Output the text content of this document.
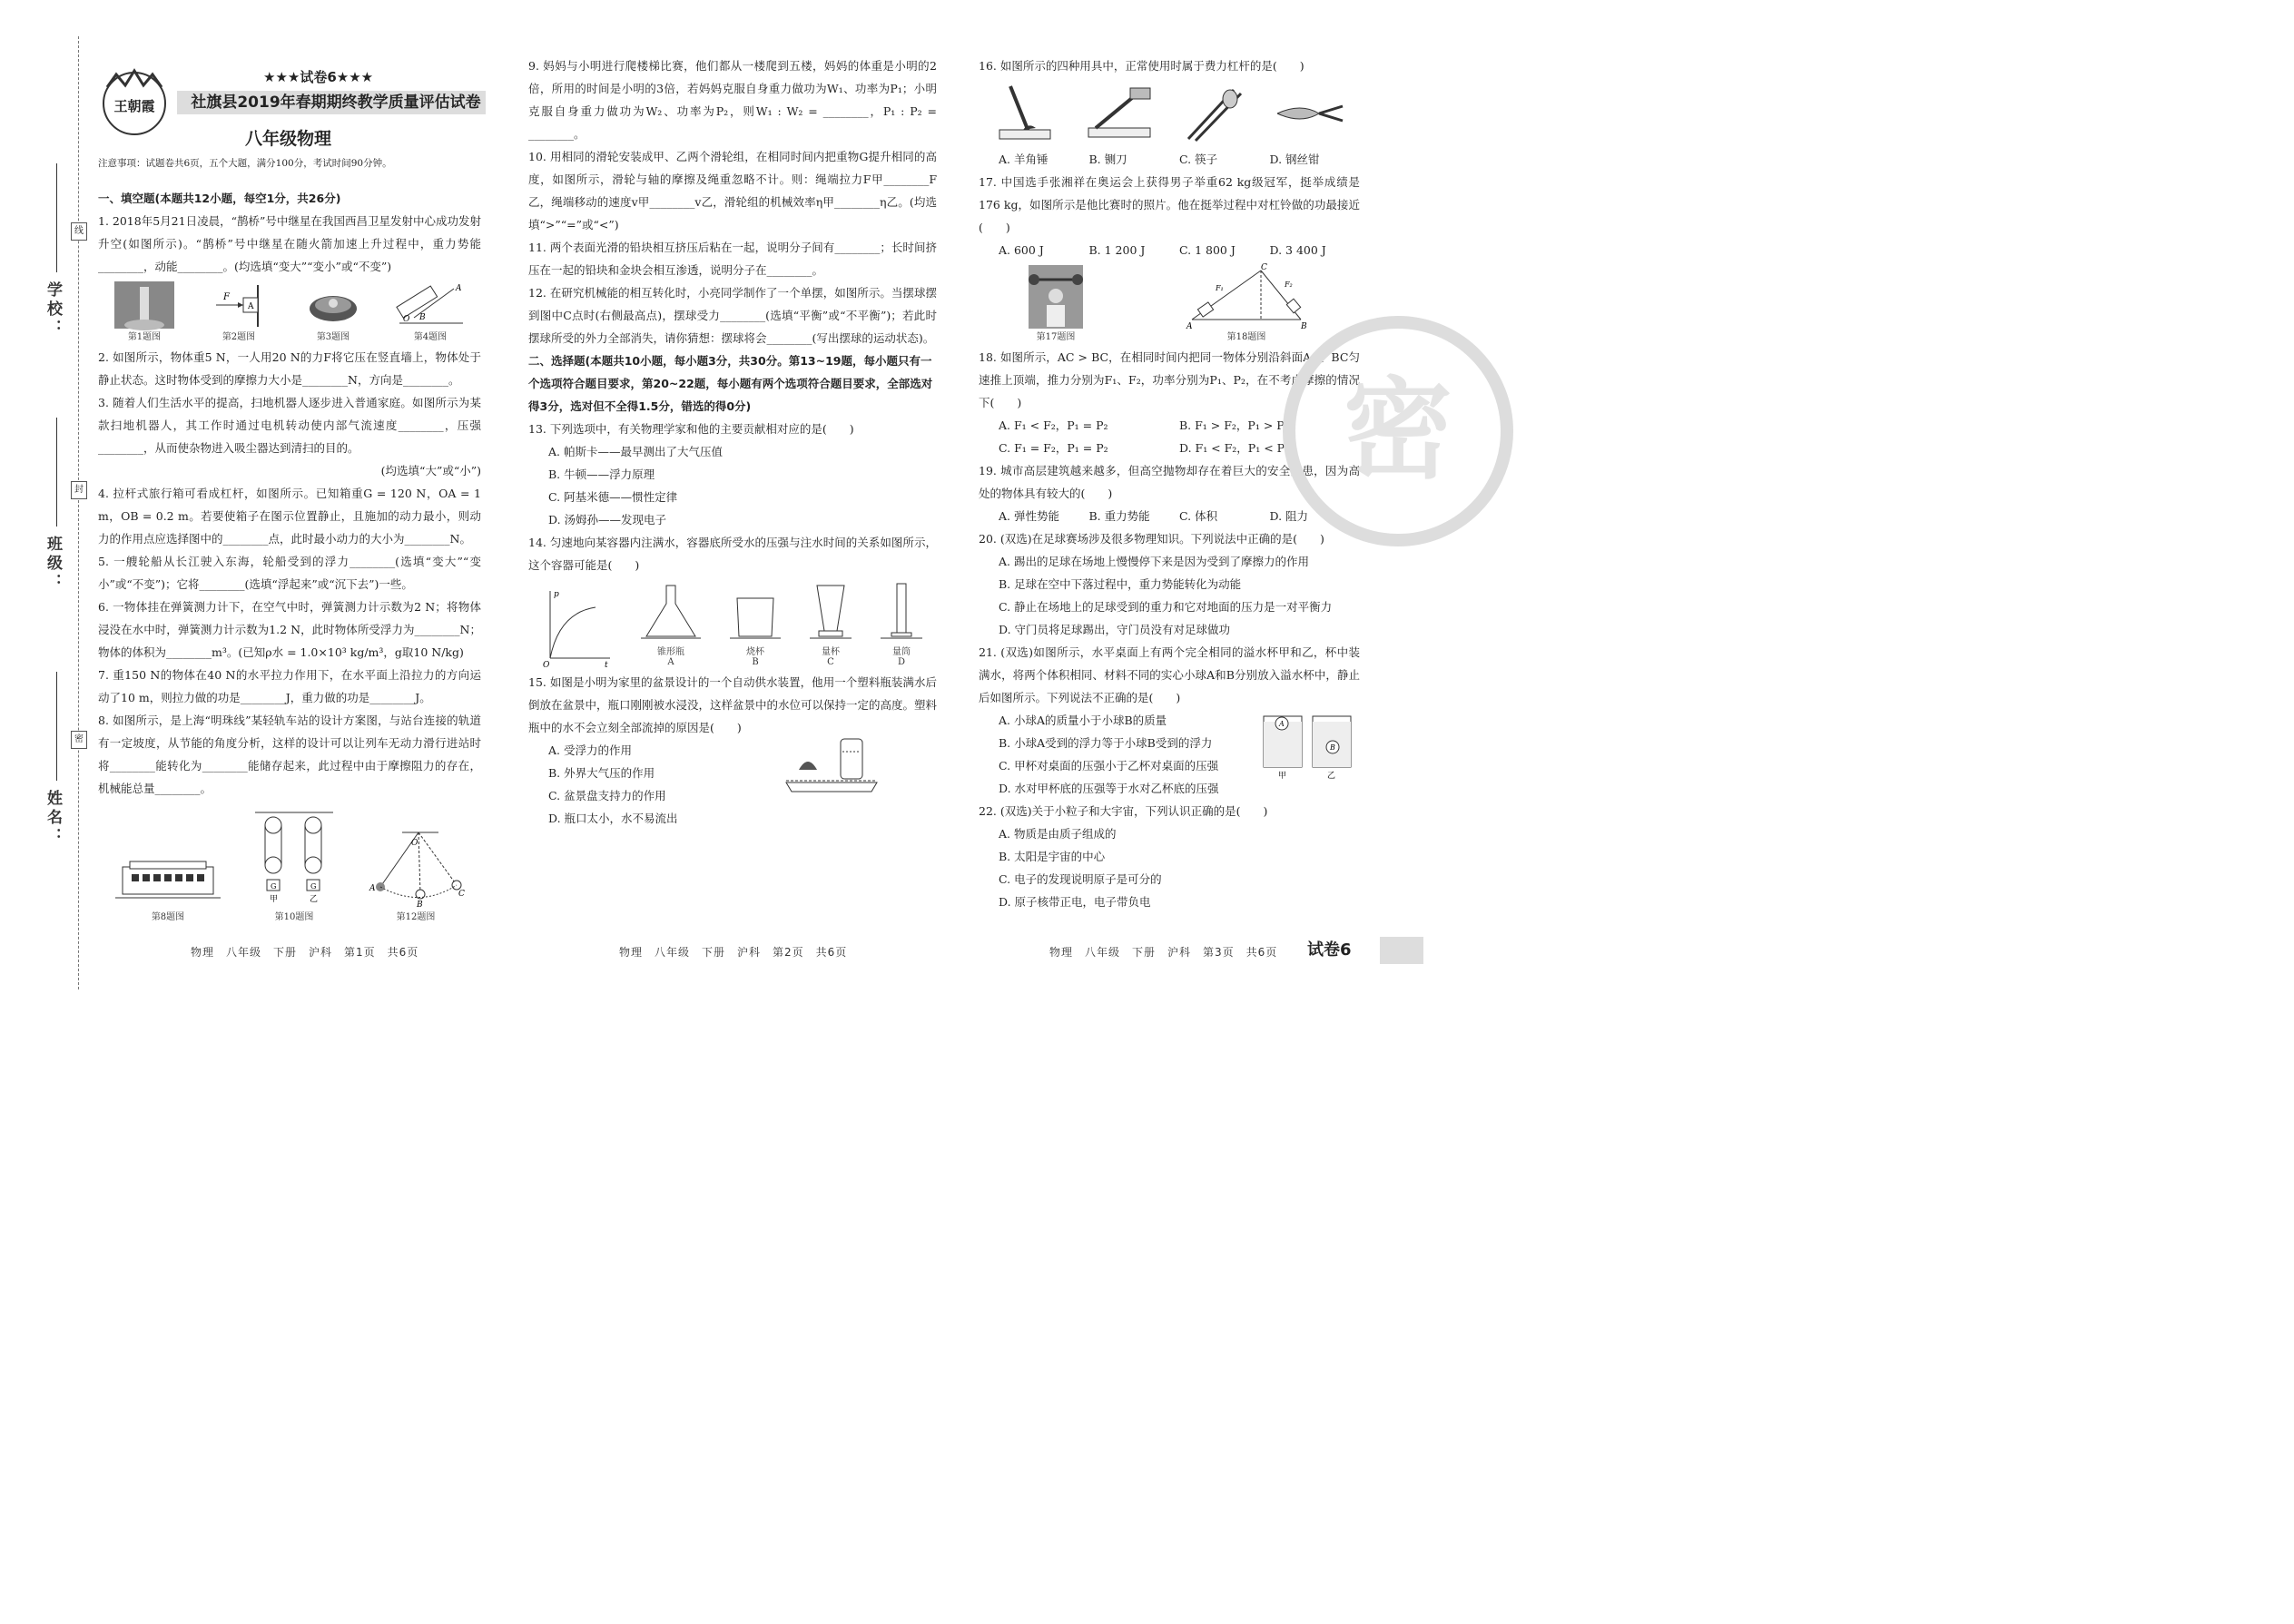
线
封
密
学校：
班级：
姓名：
王朝霞
★★★试卷6★★★
社旗县2019年春期期终教学质量评估试卷
八年级物理
注意事项：试题卷共6页，五个大题，满分100分，考试时间90分钟。
一、填空题(本题共12小题，每空1分，共26分)
1. 2018年5月21日凌晨，“鹊桥”号中继星在我国西昌卫星发射中心成功发射升空(如图所示)。“鹊桥”号中继星在随火箭加速上升过程中，重力势能________，动能________。(均选填“变大”“变小”或“不变”)
第1题图
F
A
第2题图	第3题图
A
O B
第4题图
2. 如图所示，物体重5 N，一人用20 N的力F将它压在竖直墙上，物体处于静止状态。这时物体受到的摩擦力大小是________N，方向是________。
3. 随着人们生活水平的提高，扫地机器人逐步进入普通家庭。如图所示为某款扫地机器人，其工作时通过电机转动使内部气流速度________，压强________，从而使杂物进入吸尘器达到清扫的目的。
(均选填“大”或“小”)
4. 拉杆式旅行箱可看成杠杆，如图所示。已知箱重G = 120 N，OA = 1 m，OB = 0.2 m。若要使箱子在图示位置静止，且施加的动力最小，则动力的作用点应选择图中的________点，此时最小动力的大小为________N。
5. 一艘轮船从长江驶入东海，轮船受到的浮力________(选填“变大”“变小”或“不变”)；它将________(选填“浮起来”或“沉下去”)一些。
6. 一物体挂在弹簧测力计下，在空气中时，弹簧测力计示数为2 N；将物体浸没在水中时，弹簧测力计示数为1.2 N，此时物体所受浮力为________N；物体的体积为________m³。(已知ρ水 = 1.0×10³ kg/m³，g取10 N/kg)
7. 重150 N的物体在40 N的水平拉力作用下，在水平面上沿拉力的方向运动了10 m，则拉力做的功是________J，重力做的功是________J。
8. 如图所示，是上海“明珠线”某轻轨车站的设计方案图，与站台连接的轨道有一定坡度，从节能的角度分析，这样的设计可以让列车无动力滑行进站时将________能转化为________能储存起来，此过程中由于摩擦阻力的存在，机械能总量________。
第8题图
G	G
甲	乙
第10题图
A
B
C
O
第12题图
物理　八年级　下册　沪科　第1页　共6页
9. 妈妈与小明进行爬楼梯比赛，他们都从一楼爬到五楼，妈妈的体重是小明的2倍，所用的时间是小明的3倍，若妈妈克服自身重力做功为W₁、功率为P₁；小明克服自身重力做功为W₂、功率为P₂，则W₁ : W₂ = ________，P₁ : P₂ = ________。
10. 用相同的滑轮安装成甲、乙两个滑轮组，在相同时间内把重物G提升相同的高度，如图所示，滑轮与轴的摩擦及绳重忽略不计。则：绳端拉力F甲________F乙，绳端移动的速度v甲________v乙，滑轮组的机械效率η甲________η乙。(均选填“>”“=”或“<”)
11. 两个表面光滑的铅块相互挤压后粘在一起，说明分子间有________；长时间挤压在一起的铅块和金块会相互渗透，说明分子在________。
12. 在研究机械能的相互转化时，小亮同学制作了一个单摆，如图所示。当摆球摆到图中C点时(右侧最高点)，摆球受力________(选填“平衡”或“不平衡”)；若此时摆球所受的外力全部消失，请你猜想：摆球将会________(写出摆球的运动状态)。
二、选择题(本题共10小题，每小题3分，共30分。第13~19题，每小题只有一个选项符合题目要求，第20~22题，每小题有两个选项符合题目要求，全部选对得3分，选对但不全得1.5分，错选的得0分)
13. 下列选项中，有关物理学家和他的主要贡献相对应的是(　　)
A. 帕斯卡——最早测出了大气压值
B. 牛顿——浮力原理
C. 阿基米德——惯性定律
D. 汤姆孙——发现电子
14. 匀速地向某容器内注满水，容器底所受水的压强与注水时间的关系如图所示，这个容器可能是(　　)
p
O	t
锥形瓶
A
烧杯
B
量杯
C
量筒
D
15. 如图是小明为家里的盆景设计的一个自动供水装置，他用一个塑料瓶装满水后倒放在盆景中，瓶口刚刚被水浸没，这样盆景中的水位可以保持一定的高度。塑料瓶中的水不会立刻全部流掉的原因是(　　)
A. 受浮力的作用
B. 外界大气压的作用
C. 盆景盘支持力的作用
D. 瓶口太小，水不易流出
物理　八年级　下册　沪科　第2页　共6页
16. 如图所示的四种用具中，正常使用时属于费力杠杆的是(　　)
A. 羊角锤	B. 铡刀	C. 筷子	D. 钢丝钳
17. 中国选手张湘祥在奥运会上获得男子举重62 kg级冠军，挺举成绩是176 kg，如图所示是他比赛时的照片。他在挺举过程中对杠铃做的功最接近(　　)
A. 600 J	B. 1 200 J	C. 1 800 J	D. 3 400 J
第17题图
A	B
C
F₁	F₂
第18题图
18. 如图所示，AC > BC，在相同时间内把同一物体分别沿斜面AC、BC匀速推上顶端，推力分别为F₁、F₂，功率分别为P₁、P₂，在不考虑摩擦的情况下(　　)
A. F₁ < F₂，P₁ = P₂	B. F₁ > F₂，P₁ > P₂
C. F₁ = F₂，P₁ = P₂	D. F₁ < F₂，P₁ < P₂
19. 城市高层建筑越来越多，但高空抛物却存在着巨大的安全隐患，因为高处的物体具有较大的(　　)
A. 弹性势能	B. 重力势能	C. 体积	D. 阻力
20. (双选)在足球赛场涉及很多物理知识。下列说法中正确的是(　　)
A. 踢出的足球在场地上慢慢停下来是因为受到了摩擦力的作用
B. 足球在空中下落过程中，重力势能转化为动能
C. 静止在场地上的足球受到的重力和它对地面的压力是一对平衡力
D. 守门员将足球踢出，守门员没有对足球做功
21. (双选)如图所示，水平桌面上有两个完全相同的溢水杯甲和乙，杯中装满水，将两个体积相同、材料不同的实心小球A和B分别放入溢水杯中，静止后如图所示。下列说法不正确的是(　　)
A. 小球A的质量小于小球B的质量
B. 小球A受到的浮力等于小球B受到的浮力
C. 甲杯对桌面的压强小于乙杯对桌面的压强
D. 水对甲杯底的压强等于水对乙杯底的压强
A
B
甲	乙
22. (双选)关于小粒子和大宇宙，下列认识正确的是(　　)
A. 物质是由质子组成的
B. 太阳是宇宙的中心
C. 电子的发现说明原子是可分的
D. 原子核带正电，电子带负电
物理　八年级　下册　沪科　第3页　共6页
密
试卷6
